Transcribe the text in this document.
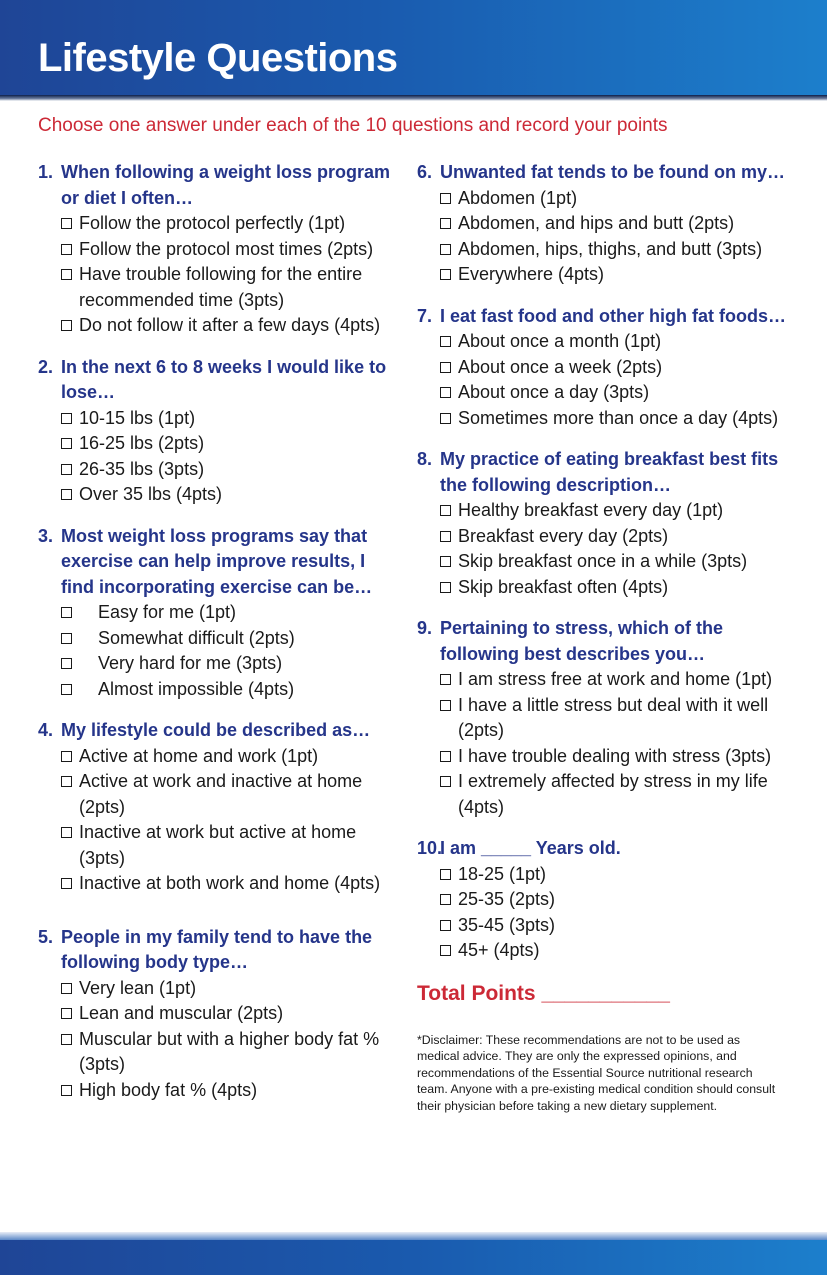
Lifestyle Questions
Choose one answer under each of the 10 questions and record your points
1. When following a weight loss program or diet I often…
Follow the protocol perfectly (1pt)
Follow the protocol most times (2pts)
Have trouble following for the entire recommended time (3pts)
Do not follow it after a few days (4pts)
2. In the next 6 to 8 weeks I would like to lose…
10-15 lbs (1pt)
16-25 lbs (2pts)
26-35 lbs (3pts)
Over 35 lbs (4pts)
3. Most weight loss programs say that exercise can help improve results, I find incorporating exercise can be…
Easy for me (1pt)
Somewhat difficult (2pts)
Very hard for me (3pts)
Almost impossible (4pts)
4. My lifestyle could be described as…
Active at home and work (1pt)
Active at work and inactive at home (2pts)
Inactive at work but active at home (3pts)
Inactive at both work and home (4pts)
5. People in my family tend to have the following body type…
Very lean (1pt)
Lean and muscular (2pts)
Muscular but with a higher body fat % (3pts)
High body fat % (4pts)
6. Unwanted fat tends to be found on my…
Abdomen (1pt)
Abdomen, and hips and butt (2pts)
Abdomen, hips, thighs, and butt (3pts)
Everywhere (4pts)
7. I eat fast food and other high fat foods…
About once a month (1pt)
About once a week (2pts)
About once a day (3pts)
Sometimes more than once a day (4pts)
8. My practice of eating breakfast best fits the following description…
Healthy breakfast every day (1pt)
Breakfast every day (2pts)
Skip breakfast once in a while (3pts)
Skip breakfast often (4pts)
9. Pertaining to stress, which of the following best describes you…
I am stress free at work and home (1pt)
I have a little stress but deal with it well (2pts)
I have trouble dealing with stress (3pts)
I extremely affected by stress in my life (4pts)
10.
I am _____ Years old.
18-25 (1pt)
25-35 (2pts)
35-45 (3pts)
45+ (4pts)
Total Points ___________
*Disclaimer: These recommendations are not to be used as medical advice. They are only the expressed opinions, and recommendations of the Essential Source nutritional research team. Anyone with a pre-existing medical condition should consult their physician before taking a new dietary supplement.
